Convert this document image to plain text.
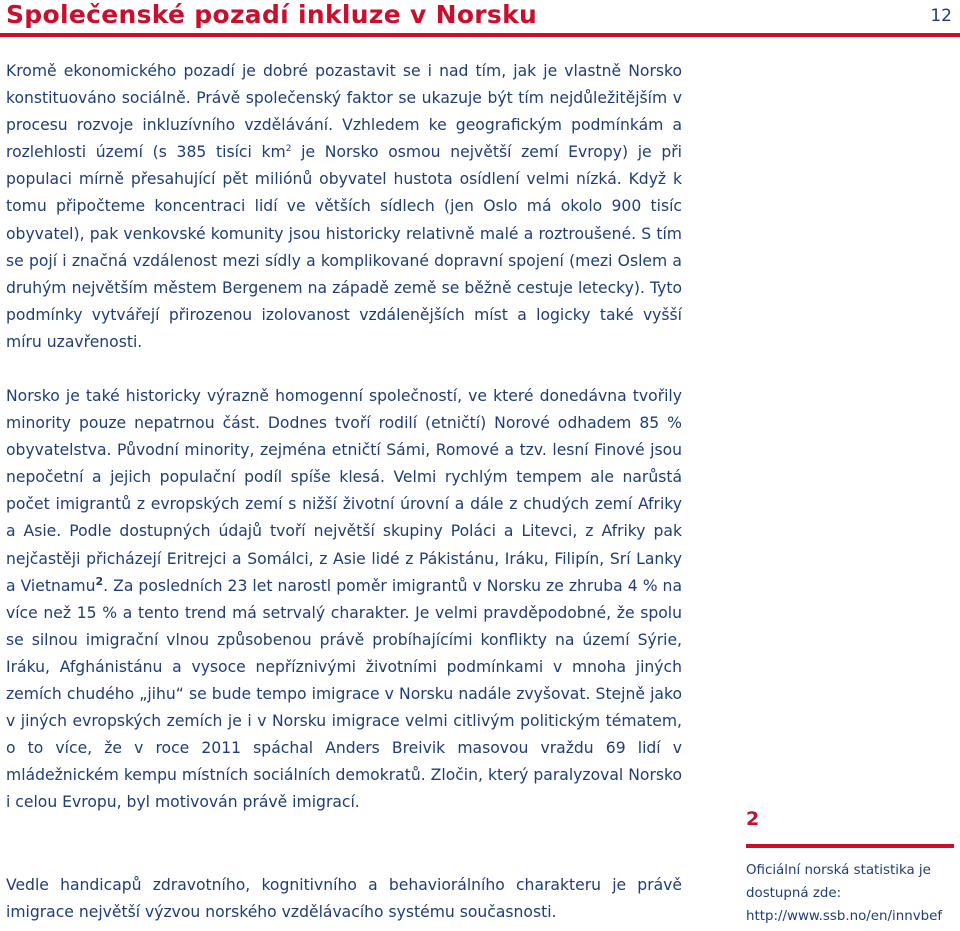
Společenské pozadí inkluze v Norsku	12

Kromě ekonomického pozadí je dobré pozastavit se i nad tím, jak je vlastně Norsko konstituováno sociálně. Právě společenský faktor se ukazuje být tím nejdůležitějším v procesu rozvoje inkluzívního vzdělávání. Vzhledem ke geografickým podmínkám a rozlehlosti území (s 385 tisíci $km^2$ je Norsko osmou největší zemí Evropy) je při populaci mírně přesahující pět miliónů obyvatel hustota osídlení velmi nízká. Když k tomu připočteme koncentraci lidí ve větších sídlech (jen Oslo má okolo 900 tisíc obyvatel), pak venkovské komunity jsou historicky relativně malé a roztroušené. S tím se pojí i značná vzdálenost mezi sídly a komplikované dopravní spojení (mezi Oslem a druhým největším městem Bergenem na západě země se běžně cestuje letecky). Tyto podmínky vytvářejí přirozenou izolovanost vzdálenějších míst a logicky také vyšší míru uzavřenosti.

Norsko je také historicky výrazně homogenní společností, ve které donedávna tvořily minority pouze nepatrnou část. Dodnes tvoří rodilí (etničtí) Norové odhadem 85 % obyvatelstva. Původní minority, zejména etničtí Sámi, Romové a tzv. lesní Finové jsou nepočetní a jejich populační podíl spíše klesá. Velmi rychlým tempem ale narůstá počet imigrantů z evropských zemí s nižší životní úrovní a dále z chudých zemí Afriky a Asie. Podle dostupných údajů tvoří největší skupiny Poláci a Litevci, z Afriky pak nejčastěji přicházejí Eritrejci a Somálci, z Asie lidé z Pákistánu, Iráku, Filipín, Srí Lanky a Vietnamu$^2$. Za posledních 23 let narostl poměr imigrantů v Norsku ze zhruba 4 % na více než 15 % a tento trend má setrvalý charakter. Je velmi pravděpodobné, že spolu se silnou imigrační vlnou způsobenou právě probíhajícími konflikty na území Sýrie, Iráku, Afghánistánu a vysoce nepříznivými životními podmínkami v mnoha jiných zemích chudého „jihu“ se bude tempo imigrace v Norsku nadále zvyšovat. Stejně jako v jiných evropských zemích je i v Norsku imigrace velmi citlivým politickým tématem, o to více, že v roce 2011 spáchal Anders Breivik masovou vraždu 69 lidí v mládežnickém kempu místních sociálních demokratů. Zločin, který paralyzoval Norsko i celou Evropu, byl motivován právě imigrací.

Vedle handicapů zdravotního, kognitivního a behaviorálního charakteru je právě imigrace největší výzvou norského vzdělávacího systému současnosti.

2

Oficiální norská statistika je dostupná zde: http://www.ssb.no/en/innvbef
